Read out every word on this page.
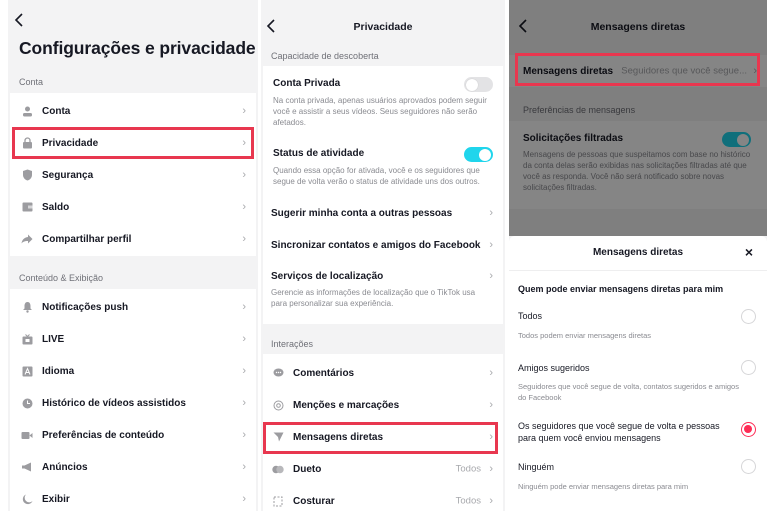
Configurações e privacidade
Conta
Conta	›
Privacidade	›
Segurança	›
Saldo	›
Compartilhar perfil	›
Conteúdo & Exibição
Notificações push	›
LIVE	›
Idioma	›
Histórico de vídeos assistidos	›
Preferências de conteúdo	›
Anúncios	›
Exibir	›
Privacidade
Capacidade de descoberta
Conta Privada
Na conta privada, apenas usuários aprovados podem seguir você e assistir a seus vídeos. Seus seguidores não serão afetados.
Status de atividade
Quando essa opção for ativada, você e os seguidores que segue de volta verão o status de atividade uns dos outros.
Sugerir minha conta a outras pessoas	›
Sincronizar contatos e amigos do Facebook ›
Serviços de localização
Gerencie as informações de localização que o TikTok usa para personalizar sua experiência.
›
Interações
Comentários	›
Menções e marcações	›
Mensagens diretas	›
Dueto	Todos ›
Costurar	Todos ›
Mensagens diretas
Mensagens diretas Seguidores que você segue... ›
Preferências de mensagens
Solicitações filtradas
Mensagens de pessoas que suspeitamos com base no histórico da conta delas serão exibidas nas solicitações filtradas até que você as responda. Você não será notificado sobre novas solicitações filtradas.
Mensagens diretas	×
Quem pode enviar mensagens diretas para mim
Todos
Todos podem enviar mensagens diretas
Amigos sugeridos
Seguidores que você segue de volta, contatos sugeridos e amigos do Facebook
Os seguidores que você segue de volta e pessoas para quem você enviou mensagens
Ninguém
Ninguém pode enviar mensagens diretas para mim
